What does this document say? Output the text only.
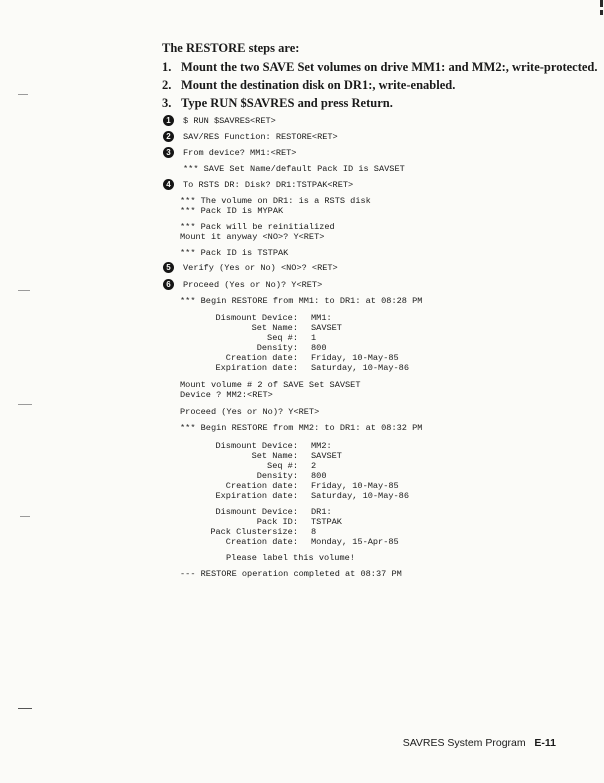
The RESTORE steps are:
1. Mount the two SAVE Set volumes on drive MM1: and MM2:, write-protected.
2. Mount the destination disk on DR1:, write-enabled.
3. Type RUN $SAVRES and press Return.
1
2
3
4
5
6
$ RUN $SAVRES<RET>
SAV/RES Function: RESTORE<RET>
From device? MM1:<RET>
*** SAVE Set Name/default Pack ID is SAVSET
To RSTS DR: Disk? DR1:TSTPAK<RET>
*** The volume on DR1: is a RSTS disk
*** Pack ID is MYPAK
*** Pack will be reinitialized
Mount it anyway <NO>? Y<RET>
*** Pack ID is TSTPAK
Verify (Yes or No) <NO>? <RET>
Proceed (Yes or No)? Y<RET>
*** Begin RESTORE from MM1: to DR1: at 08:28 PM
Dismount Device: MM1:
Set Name: SAVSET
Seq #: 1
Density: 800
Creation date: Friday, 10-May-85
Expiration date: Saturday, 10-May-86
Mount volume # 2 of SAVE Set SAVSET
Device ? MM2:<RET>
Proceed (Yes or No)? Y<RET>
*** Begin RESTORE from MM2: to DR1: at 08:32 PM
Dismount Device: MM2:
Set Name: SAVSET
Seq #: 2
Density: 800
Creation date: Friday, 10-May-85
Expiration date: Saturday, 10-May-86
Dismount Device: DR1:
Pack ID: TSTPAK
Pack Clustersize: 8
Creation date: Monday, 15-Apr-85
Please label this volume!
--- RESTORE operation completed at 08:37 PM
SAVRES System Program E-11
